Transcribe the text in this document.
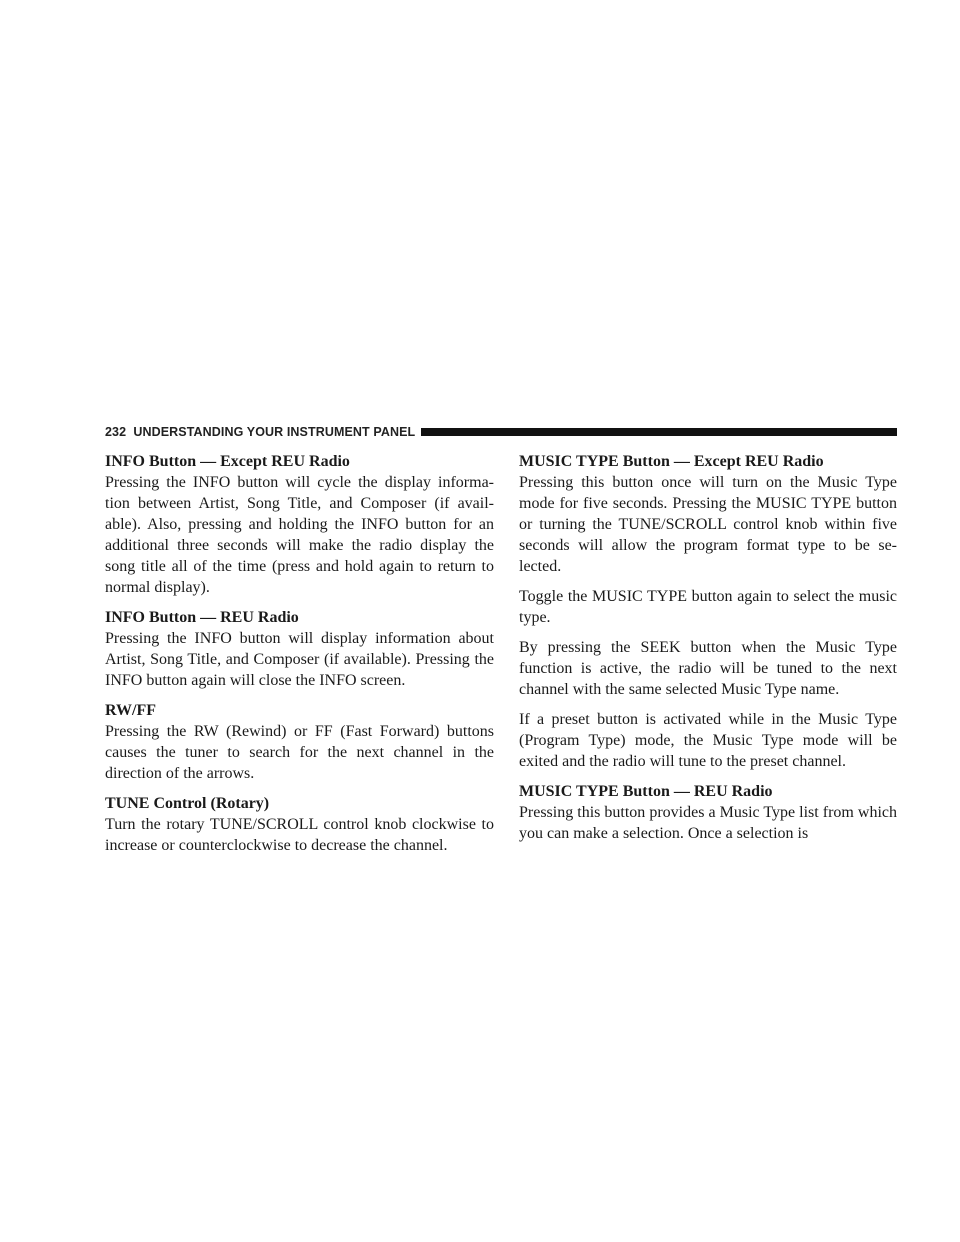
232 UNDERSTANDING YOUR INSTRUMENT PANEL

INFO Button — Except REU Radio

Pressing the INFO button will cycle the display informa-tion between Artist, Song Title, and Composer (if avail-able). Also, pressing and holding the INFO button for an additional three seconds will make the radio display the song title all of the time (press and hold again to return to normal display).

INFO Button — REU Radio

Pressing the INFO button will display information about Artist, Song Title, and Composer (if available). Pressing the INFO button again will close the INFO screen.

RW/FF

Pressing the RW (Rewind) or FF (Fast Forward) buttons causes the tuner to search for the next channel in the direction of the arrows.

TUNE Control (Rotary)

Turn the rotary TUNE/SCROLL control knob clockwise to increase or counterclockwise to decrease the channel.

MUSIC TYPE Button — Except REU Radio

Pressing this button once will turn on the Music Type mode for five seconds. Pressing the MUSIC TYPE button or turning the TUNE/SCROLL control knob within five seconds will allow the program format type to be se-lected.

Toggle the MUSIC TYPE button again to select the music type.

By pressing the SEEK button when the Music Type function is active, the radio will be tuned to the next channel with the same selected Music Type name.

If a preset button is activated while in the Music Type (Program Type) mode, the Music Type mode will be exited and the radio will tune to the preset channel.

MUSIC TYPE Button — REU Radio

Pressing this button provides a Music Type list from which you can make a selection. Once a selection is
